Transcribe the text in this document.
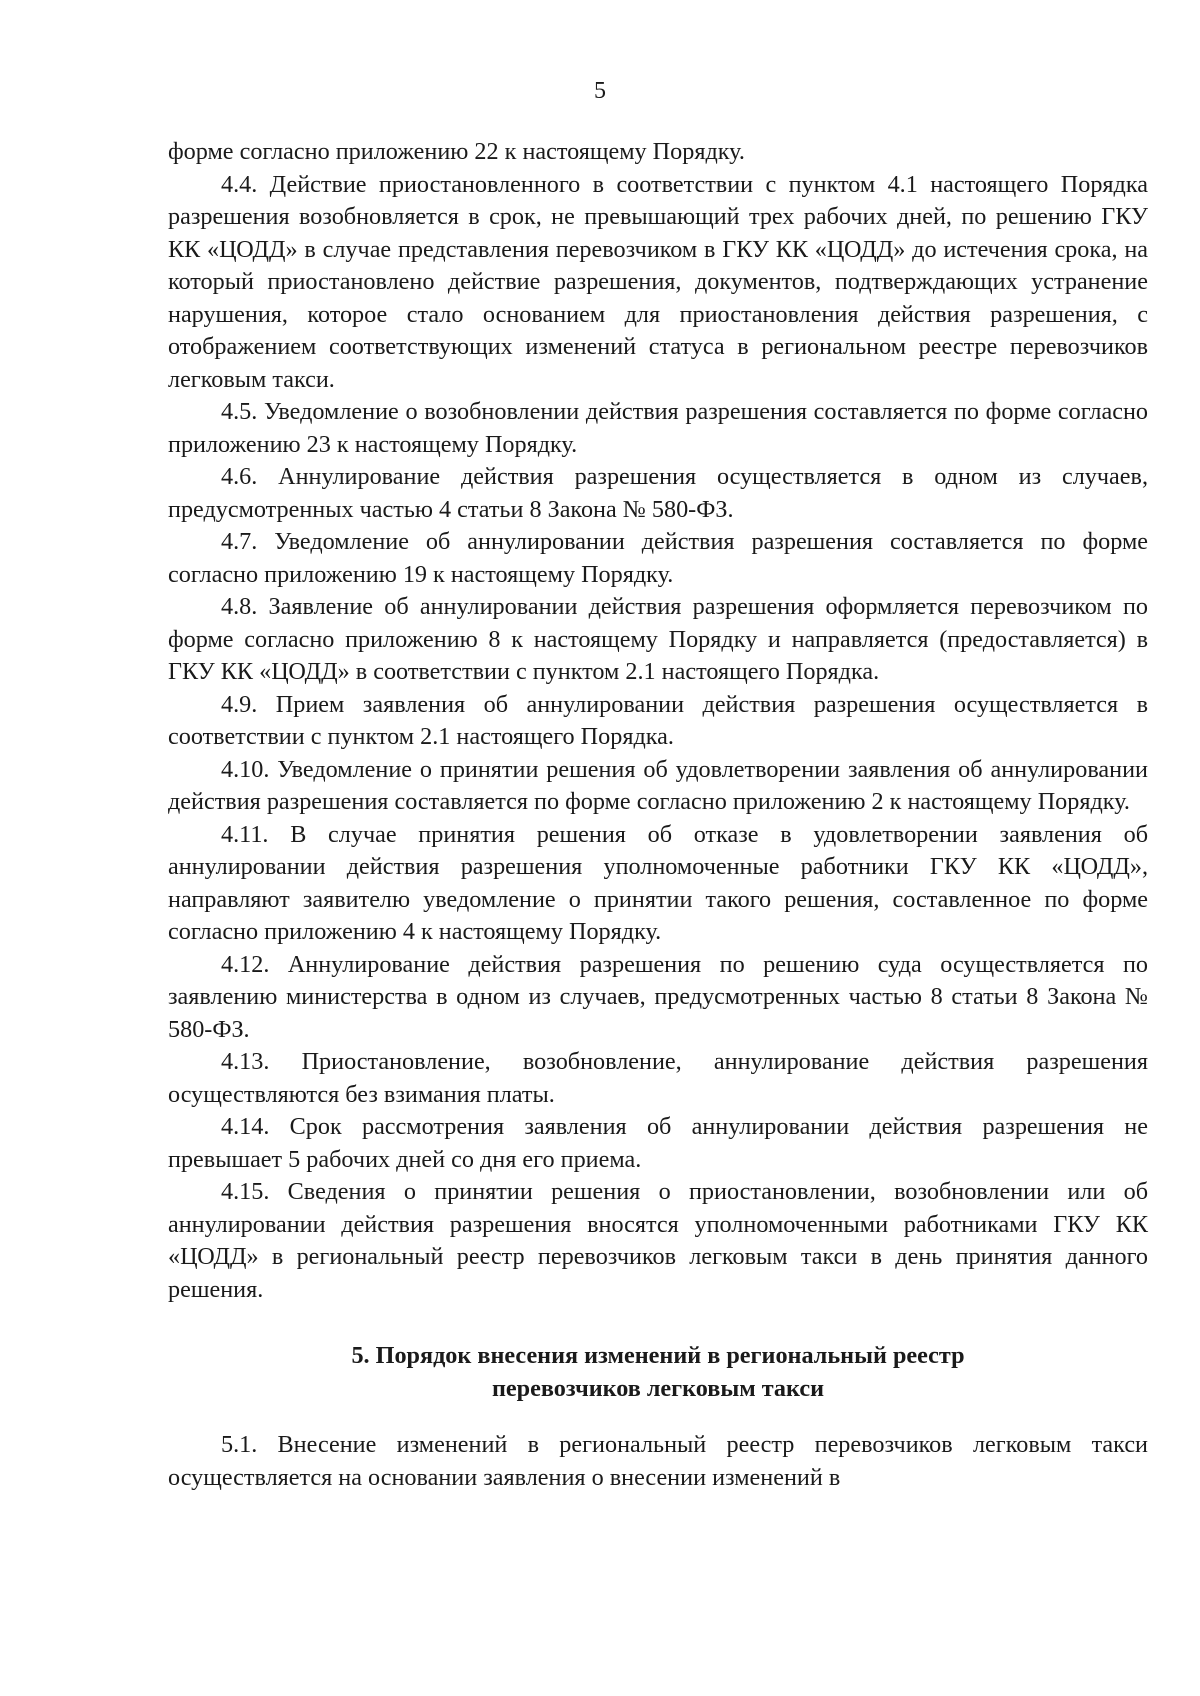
5

форме согласно приложению 22 к настоящему Порядку.

4.4. Действие приостановленного в соответствии с пунктом 4.1 настоящего Порядка разрешения возобновляется в срок, не превышающий трех рабочих дней, по решению ГКУ КК «ЦОДД» в случае представления перевозчиком в ГКУ КК «ЦОДД» до истечения срока, на который приостановлено действие разрешения, документов, подтверждающих устранение нарушения, которое стало основанием для приостановления действия разрешения, с отображением соответствующих изменений статуса в региональном реестре перевозчиков легковым такси.

4.5. Уведомление о возобновлении действия разрешения составляется по форме согласно приложению 23 к настоящему Порядку.

4.6. Аннулирование действия разрешения осуществляется в одном из случаев, предусмотренных частью 4 статьи 8 Закона № 580-ФЗ.

4.7. Уведомление об аннулировании действия разрешения составляется по форме согласно приложению 19 к настоящему Порядку.

4.8. Заявление об аннулировании действия разрешения оформляется перевозчиком по форме согласно приложению 8 к настоящему Порядку и направляется (предоставляется) в ГКУ КК «ЦОДД» в соответствии с пунктом 2.1 настоящего Порядка.

4.9. Прием заявления об аннулировании действия разрешения осуществляется в соответствии с пунктом 2.1 настоящего Порядка.

4.10. Уведомление о принятии решения об удовлетворении заявления об аннулировании действия разрешения составляется по форме согласно приложению 2 к настоящему Порядку.

4.11. В случае принятия решения об отказе в удовлетворении заявления об аннулировании действия разрешения уполномоченные работники ГКУ КК «ЦОДД», направляют заявителю уведомление о принятии такого решения, составленное по форме согласно приложению 4 к настоящему Порядку.

4.12. Аннулирование действия разрешения по решению суда осуществляется по заявлению министерства в одном из случаев, предусмотренных частью 8 статьи 8 Закона № 580-ФЗ.

4.13. Приостановление, возобновление, аннулирование действия разрешения осуществляются без взимания платы.

4.14. Срок рассмотрения заявления об аннулировании действия разрешения не превышает 5 рабочих дней со дня его приема.

4.15. Сведения о принятии решения о приостановлении, возобновлении или об аннулировании действия разрешения вносятся уполномоченными работниками ГКУ КК «ЦОДД» в региональный реестр перевозчиков легковым такси в день принятия данного решения.

5. Порядок внесения изменений в региональный реестр
перевозчиков легковым такси

5.1. Внесение изменений в региональный реестр перевозчиков легковым такси осуществляется на основании заявления о внесении изменений в
